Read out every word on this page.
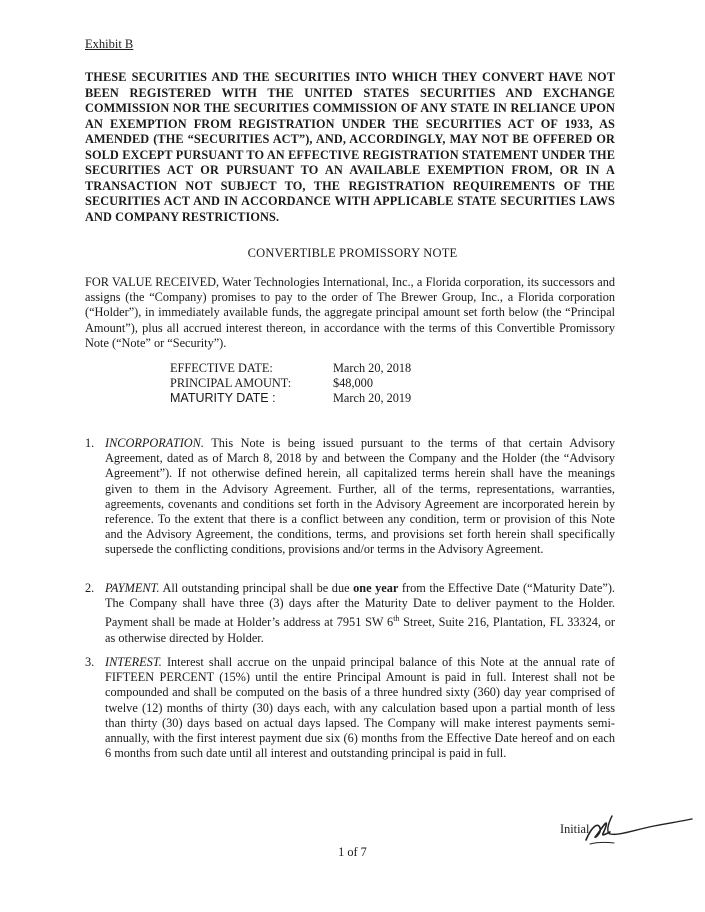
Exhibit B
THESE SECURITIES AND THE SECURITIES INTO WHICH THEY CONVERT HAVE NOT BEEN REGISTERED WITH THE UNITED STATES SECURITIES AND EXCHANGE COMMISSION NOR THE SECURITIES COMMISSION OF ANY STATE IN RELIANCE UPON AN EXEMPTION FROM REGISTRATION UNDER THE SECURITIES ACT OF 1933, AS AMENDED (THE “SECURITIES ACT”), AND, ACCORDINGLY, MAY NOT BE OFFERED OR SOLD EXCEPT PURSUANT TO AN EFFECTIVE REGISTRATION STATEMENT UNDER THE SECURITIES ACT OR PURSUANT TO AN AVAILABLE EXEMPTION FROM, OR IN A TRANSACTION NOT SUBJECT TO, THE REGISTRATION REQUIREMENTS OF THE SECURITIES ACT AND IN ACCORDANCE WITH APPLICABLE STATE SECURITIES LAWS AND COMPANY RESTRICTIONS.
CONVERTIBLE PROMISSORY NOTE
FOR VALUE RECEIVED, Water Technologies International, Inc., a Florida corporation, its successors and assigns (the “Company) promises to pay to the order of The Brewer Group, Inc., a Florida corporation (“Holder”), in immediately available funds, the aggregate principal amount set forth below (the “Principal Amount”), plus all accrued interest thereon, in accordance with the terms of this Convertible Promissory Note (“Note” or “Security”).
EFFECTIVE DATE:	March 20, 2018
PRINCIPAL AMOUNT:	$48,000
MATURITY DATE :	March 20, 2019
1. INCORPORATION. This Note is being issued pursuant to the terms of that certain Advisory Agreement, dated as of March 8, 2018 by and between the Company and the Holder (the “Advisory Agreement”). If not otherwise defined herein, all capitalized terms herein shall have the meanings given to them in the Advisory Agreement. Further, all of the terms, representations, warranties, agreements, covenants and conditions set forth in the Advisory Agreement are incorporated herein by reference. To the extent that there is a conflict between any condition, term or provision of this Note and the Advisory Agreement, the conditions, terms, and provisions set forth herein shall specifically supersede the conflicting conditions, provisions and/or terms in the Advisory Agreement.
2. PAYMENT. All outstanding principal shall be due one year from the Effective Date (“Maturity Date”). The Company shall have three (3) days after the Maturity Date to deliver payment to the Holder. Payment shall be made at Holder’s address at 7951 SW 6th Street, Suite 216, Plantation, FL 33324, or as otherwise directed by Holder.
3. INTEREST. Interest shall accrue on the unpaid principal balance of this Note at the annual rate of FIFTEEN PERCENT (15%) until the entire Principal Amount is paid in full. Interest shall not be compounded and shall be computed on the basis of a three hundred sixty (360) day year comprised of twelve (12) months of thirty (30) days each, with any calculation based upon a partial month of less than thirty (30) days based on actual days lapsed. The Company will make interest payments semi-annually, with the first interest payment due six (6) months from the Effective Date hereof and on each 6 months from such date until all interest and outstanding principal is paid in full.
Initial
1 of 7
